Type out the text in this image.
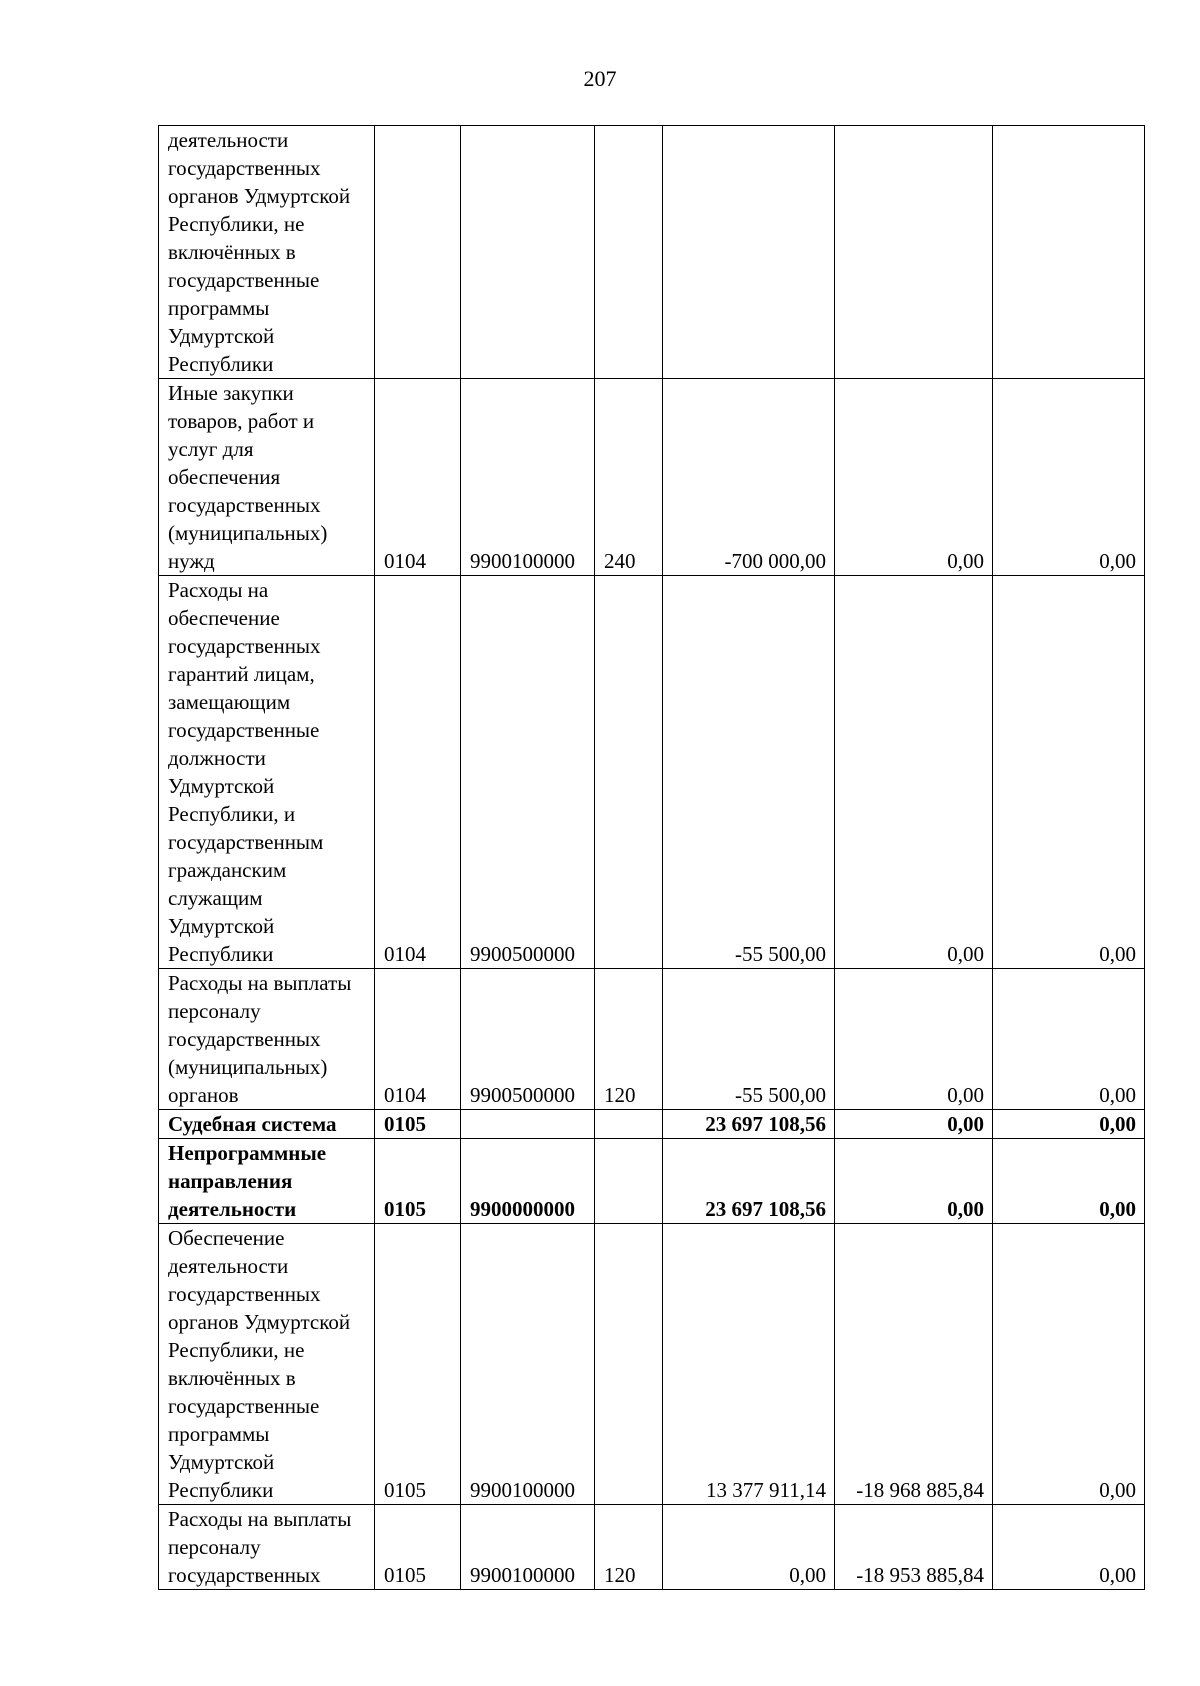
207
деятельности государственных органов Удмуртской Республики, не включённых в государственные программы Удмуртской Республики						
Иные закупки товаров, работ и услуг для обеспечения государственных (муниципальных) нужд	0104	9900100000	240	-700 000,00	0,00	0,00
Расходы на обеспечение государственных гарантий лицам, замещающим государственные должности Удмуртской Республики, и государственным гражданским служащим Удмуртской Республики	0104	9900500000		-55 500,00	0,00	0,00
Расходы на выплаты персоналу государственных (муниципальных) органов	0104	9900500000	120	-55 500,00	0,00	0,00
Судебная система	0105			23 697 108,56	0,00	0,00
Непрограммные направления деятельности	0105	9900000000		23 697 108,56	0,00	0,00
Обеспечение деятельности государственных органов Удмуртской Республики, не включённых в государственные программы Удмуртской Республики	0105	9900100000		13 377 911,14	-18 968 885,84	0,00
Расходы на выплаты персоналу государственных	0105	9900100000	120	0,00	-18 953 885,84	0,00
